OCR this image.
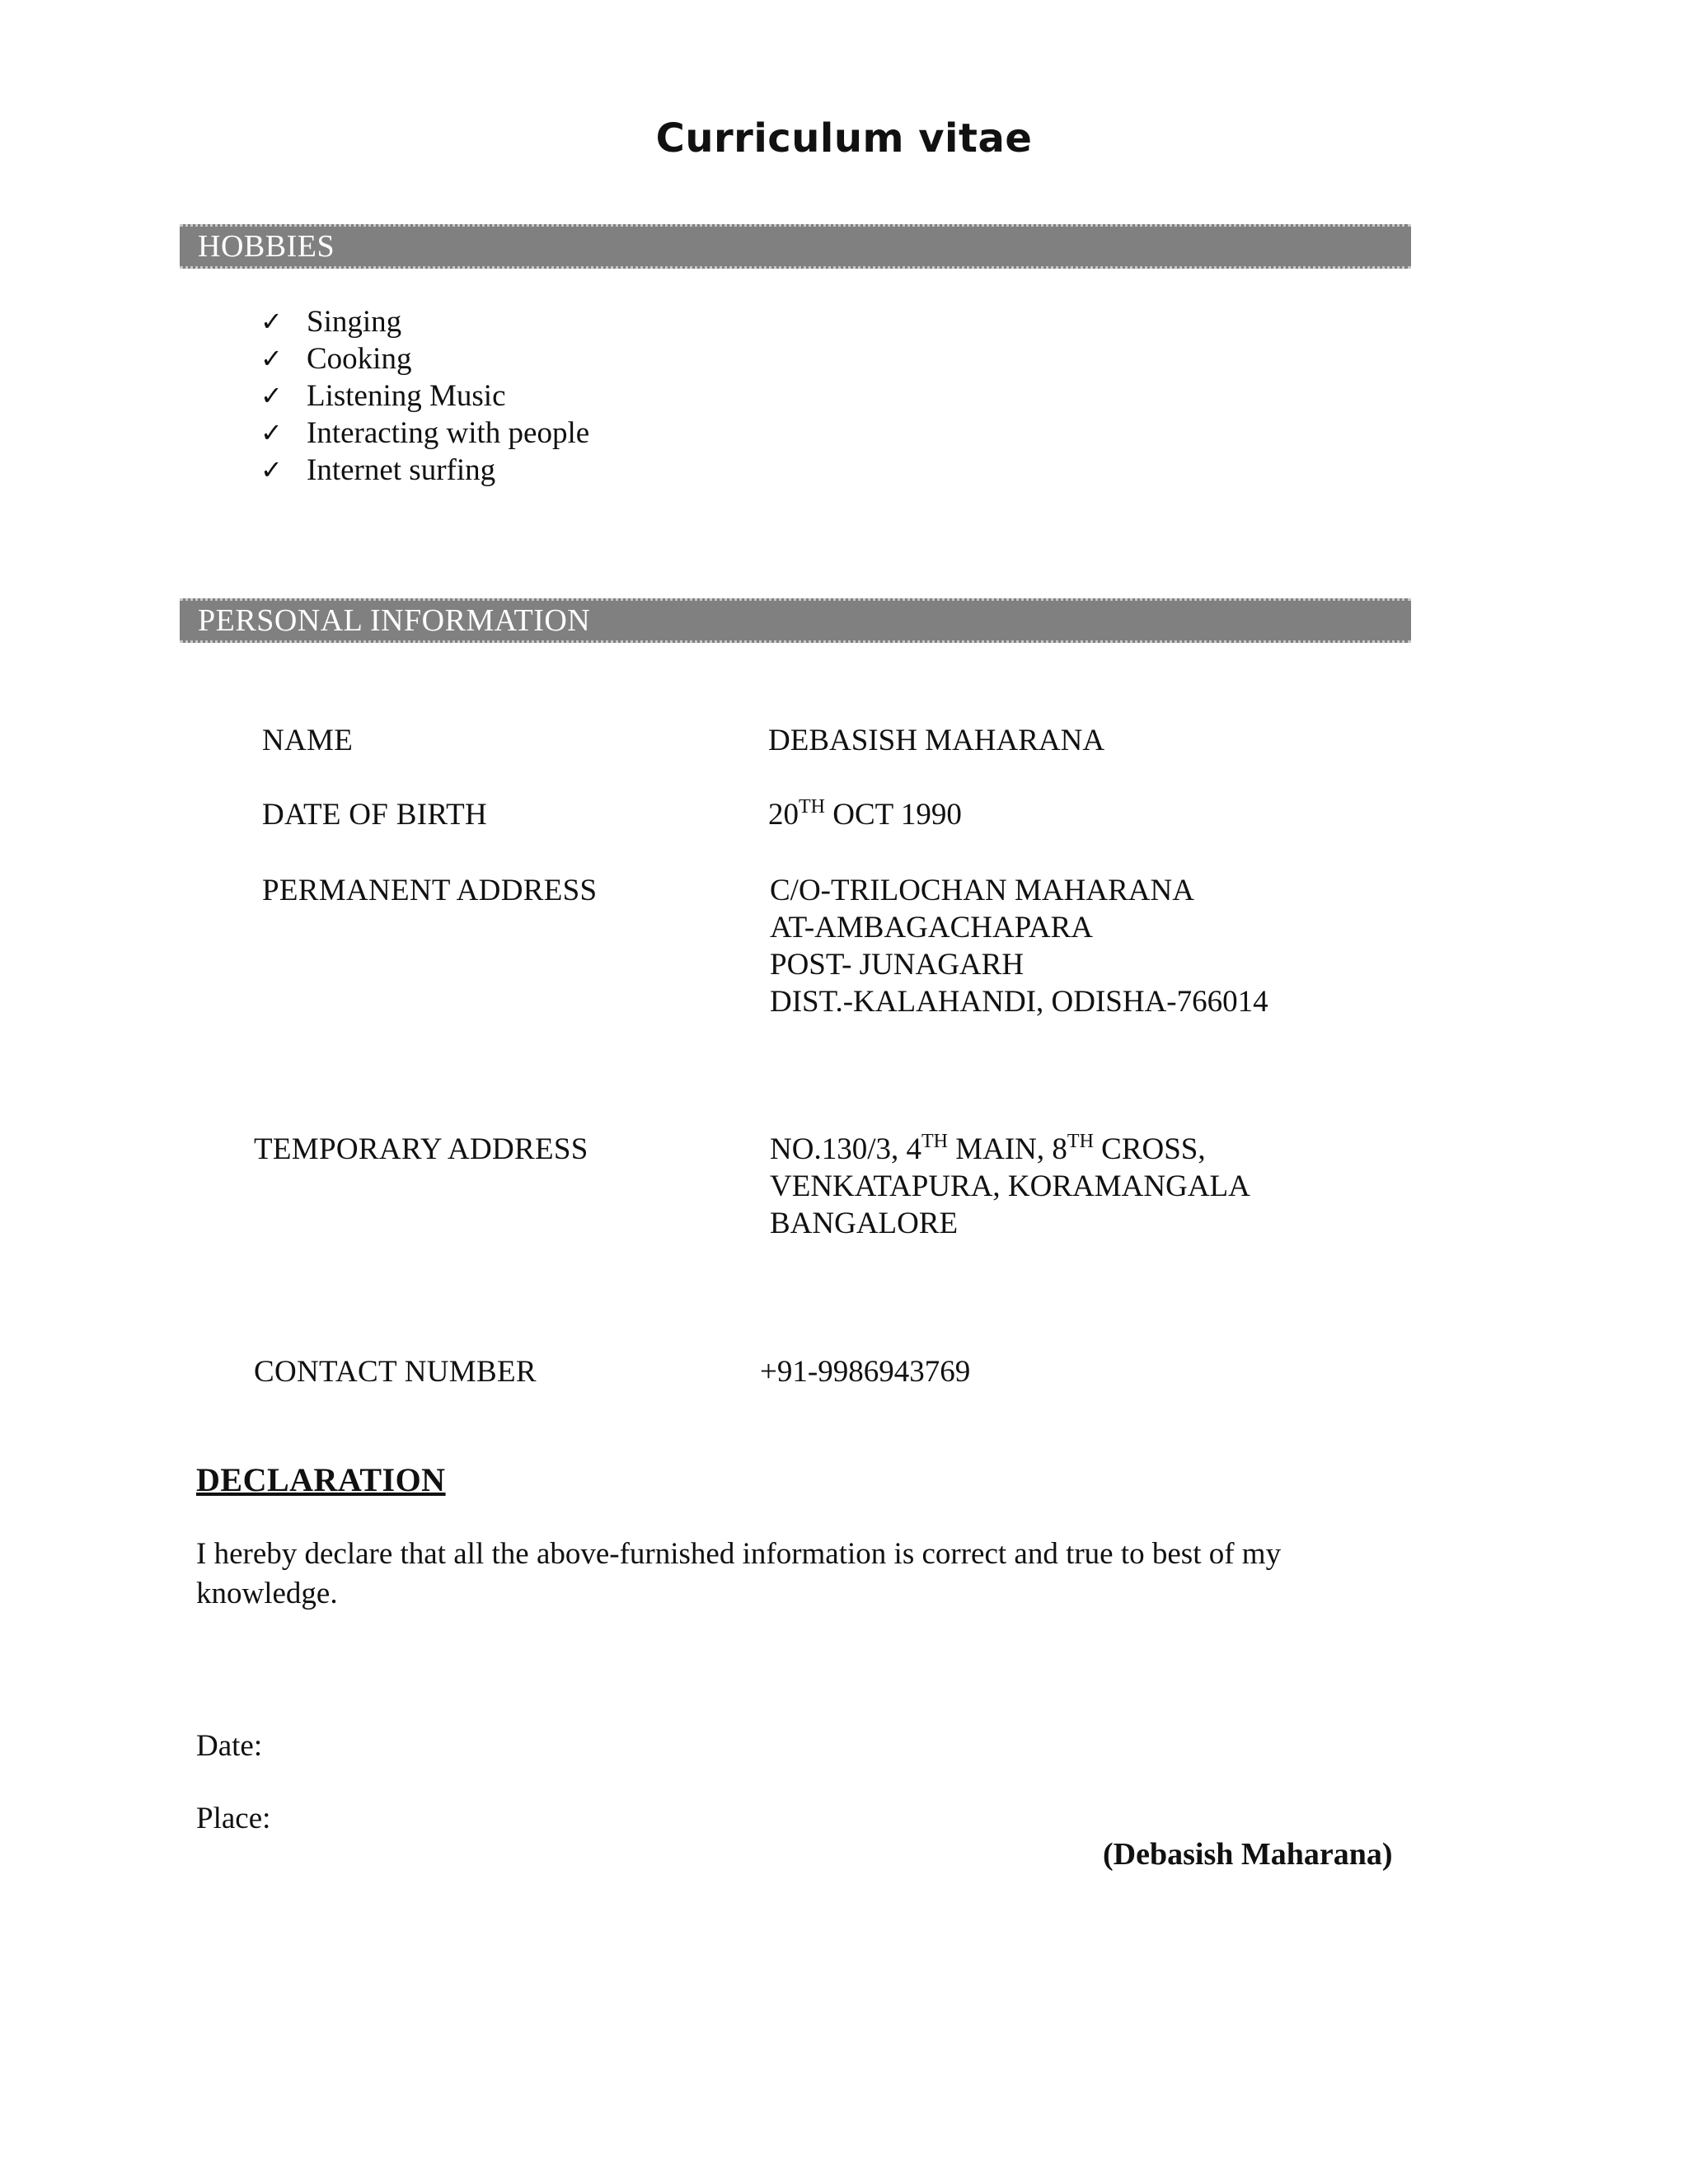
Curriculum vitae
HOBBIES
✓ Singing
✓ Cooking
✓ Listening Music
✓ Interacting with people
✓ Internet surfing
PERSONAL INFORMATION
NAME	DEBASISH MAHARANA
DATE OF BIRTH	20TH OCT 1990
PERMANENT ADDRESS	C/O-TRILOCHAN MAHARANA
AT-AMBAGACHAPARA
POST- JUNAGARH
DIST.-KALAHANDI, ODISHA-766014
TEMPORARY ADDRESS	NO.130/3, 4TH MAIN, 8TH CROSS,
VENKATAPURA, KORAMANGALA
BANGALORE
CONTACT NUMBER	+91-9986943769
DECLARATION
I hereby declare that all the above-furnished information is correct and true to best of my knowledge.
Date:
Place:
(Debasish Maharana)
